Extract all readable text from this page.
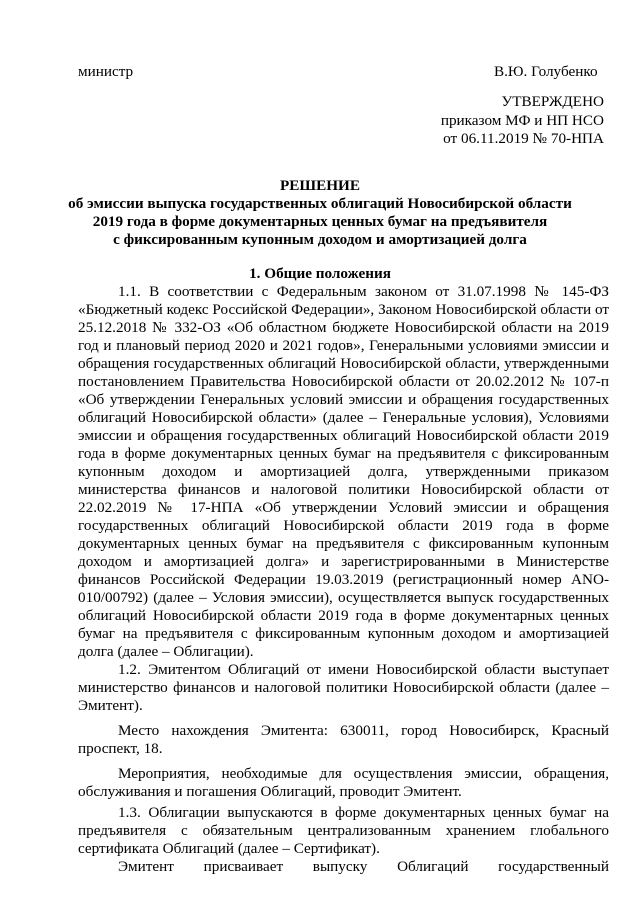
министр	В.Ю. Голубенко
УТВЕРЖДЕНО
приказом МФ и НП НСО
от 06.11.2019 № 70-НПА
РЕШЕНИЕ
об эмиссии выпуска государственных облигаций Новосибирской области
2019 года в форме документарных ценных бумаг на предъявителя
с фиксированным купонным доходом и амортизацией долга
1. Общие положения
1.1. В соответствии с Федеральным законом от 31.07.1998 № 145-ФЗ
«Бюджетный кодекс Российской Федерации», Законом Новосибирской области от
25.12.2018 № 332-ОЗ «Об областном бюджете Новосибирской области на 2019
год и плановый период 2020 и 2021 годов», Генеральными условиями эмиссии и
обращения государственных облигаций Новосибирской области, утвержденными
постановлением Правительства Новосибирской области от 20.02.2012 № 107-п
«Об утверждении Генеральных условий эмиссии и обращения государственных
облигаций Новосибирской области» (далее – Генеральные условия), Условиями
эмиссии и обращения государственных облигаций Новосибирской области 2019
года в форме документарных ценных бумаг на предъявителя с фиксированным
купонным доходом и амортизацией долга, утвержденными приказом
министерства финансов и налоговой политики Новосибирской области от
22.02.2019 № 17-НПА «Об утверждении Условий эмиссии и обращения
государственных облигаций Новосибирской области 2019 года в форме
документарных ценных бумаг на предъявителя с фиксированным купонным
доходом и амортизацией долга» и зарегистрированными в Министерстве
финансов Российской Федерации 19.03.2019 (регистрационный номер ANO-
010/00792) (далее – Условия эмиссии), осуществляется выпуск государственных
облигаций Новосибирской области 2019 года в форме документарных ценных
бумаг на предъявителя с фиксированным купонным доходом и амортизацией
долга (далее – Облигации).
1.2. Эмитентом Облигаций от имени Новосибирской области выступает
министерство финансов и налоговой политики Новосибирской области (далее –
Эмитент).
Место нахождения Эмитента: 630011, город Новосибирск, Красный
проспект, 18.
Мероприятия, необходимые для осуществления эмиссии, обращения,
обслуживания и погашения Облигаций, проводит Эмитент.
1.3. Облигации выпускаются в форме документарных ценных бумаг на
предъявителя с обязательным централизованным хранением глобального
сертификата Облигаций (далее – Сертификат).
Эмитент присваивает выпуску Облигаций государственный
